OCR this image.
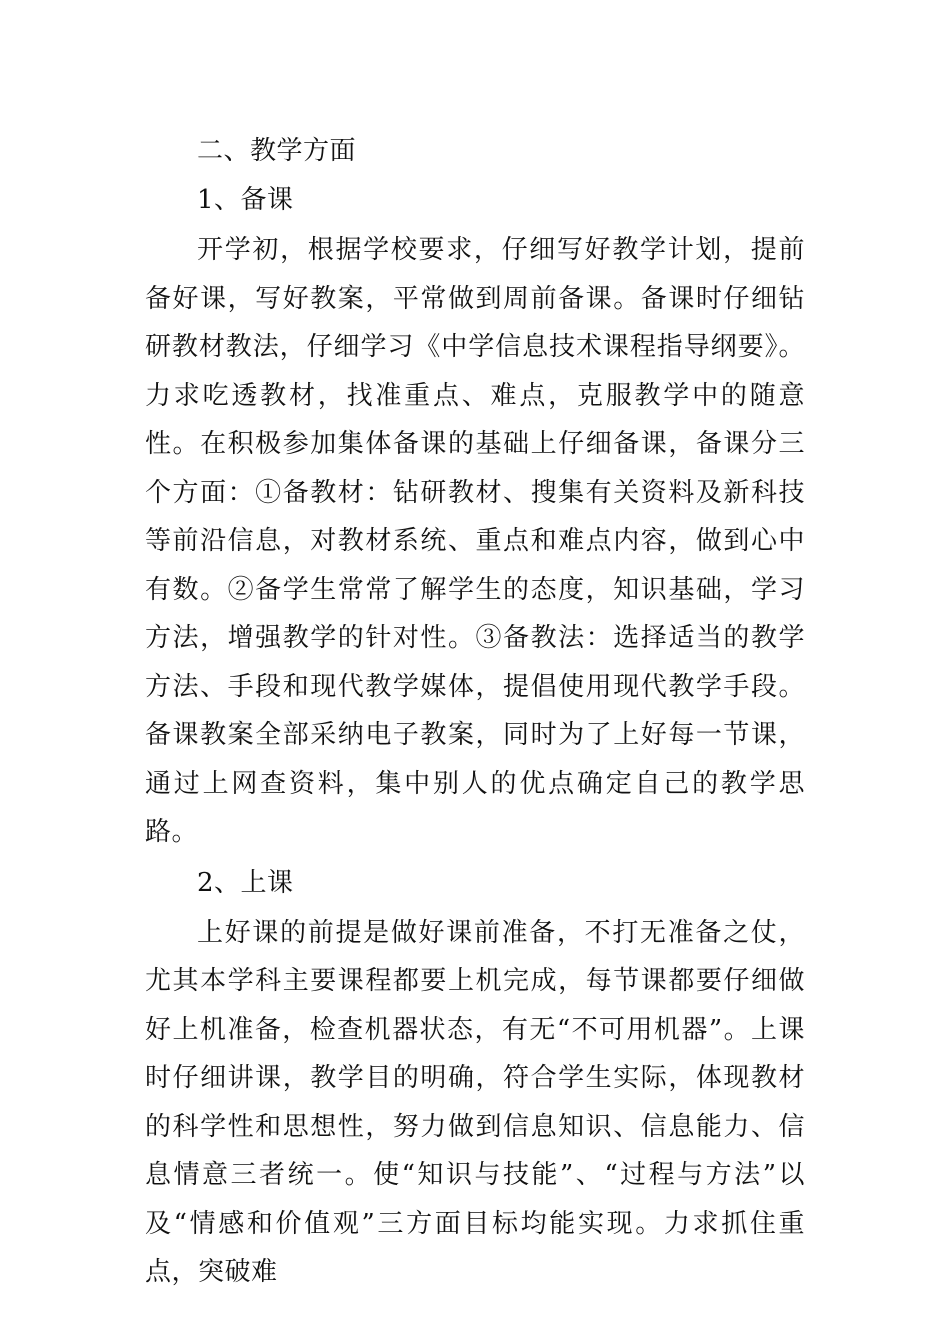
二、教学方面
1、备课
开学初，根据学校要求，仔细写好教学计划，提前备好课，写好教案，平常做到周前备课。备课时仔细钻研教材教法，仔细学习《中学信息技术课程指导纲要》。力求吃透教材，找准重点、难点，克服教学中的随意性。在积极参加集体备课的基础上仔细备课，备课分三个方面：①备教材：钻研教材、搜集有关资料及新科技等前沿信息，对教材系统、重点和难点内容，做到心中有数。②备学生常常了解学生的态度，知识基础，学习方法，增强教学的针对性。③备教法：选择适当的教学方法、手段和现代教学媒体，提倡使用现代教学手段。备课教案全部采纳电子教案，同时为了上好每一节课，通过上网查资料，集中别人的优点确定自己的教学思路。
2、上课
上好课的前提是做好课前准备，不打无准备之仗，尤其本学科主要课程都要上机完成，每节课都要仔细做好上机准备，检查机器状态，有无“不可用机器”。上课时仔细讲课，教学目的明确，符合学生实际，体现教材的科学性和思想性，努力做到信息知识、信息能力、信息情意三者统一。使“知识与技能”、“过程与方法”以及“情感和价值观”三方面目标均能实现。力求抓住重点，突破难
